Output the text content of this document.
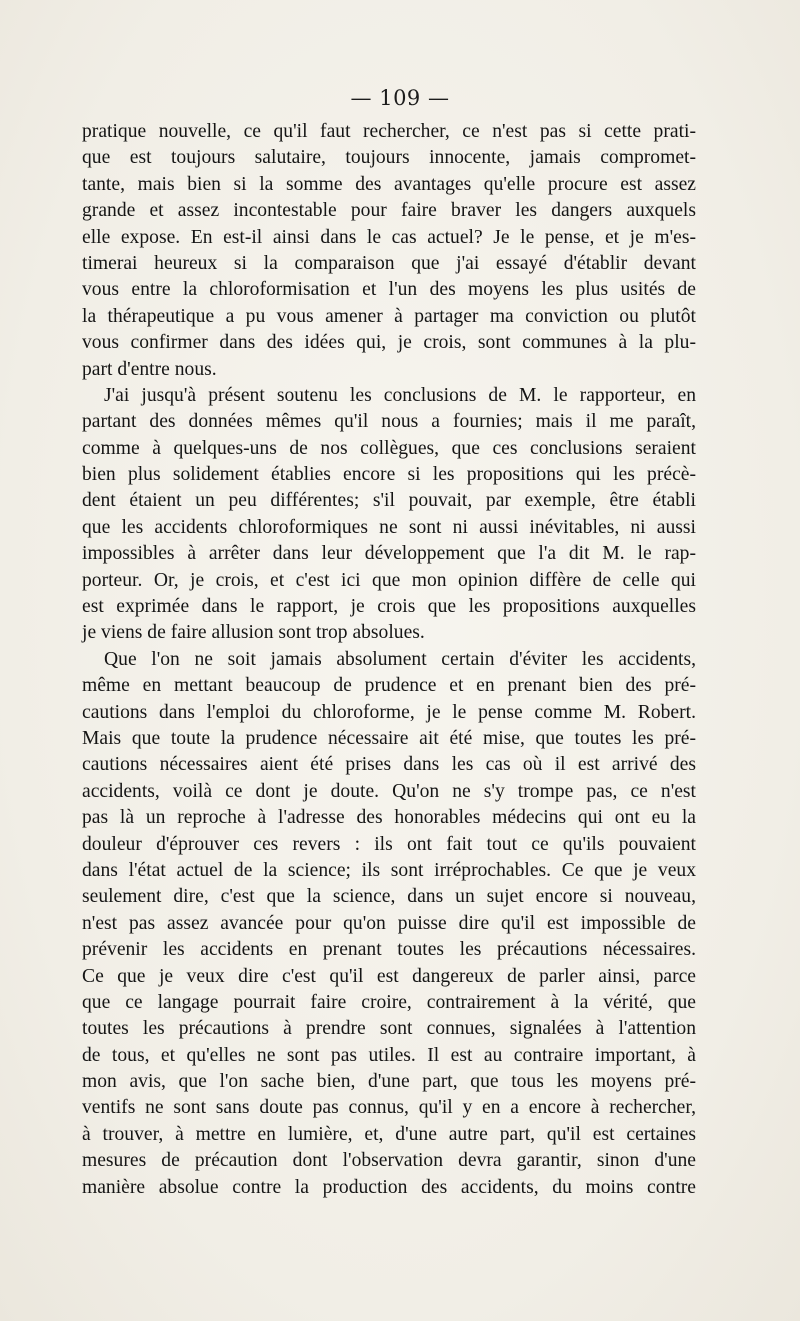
— 109 —
pratique nouvelle, ce qu'il faut rechercher, ce n'est pas si cette prati-
que est toujours salutaire, toujours innocente, jamais compromet-
tante, mais bien si la somme des avantages qu'elle procure est assez
grande et assez incontestable pour faire braver les dangers auxquels
elle expose. En est-il ainsi dans le cas actuel? Je le pense, et je m'es-
timerai heureux si la comparaison que j'ai essayé d'établir devant
vous entre la chloroformisation et l'un des moyens les plus usités de
la thérapeutique a pu vous amener à partager ma conviction ou plutôt
vous confirmer dans des idées qui, je crois, sont communes à la plu-
part d'entre nous.
J'ai jusqu'à présent soutenu les conclusions de M. le rapporteur, en
partant des données mêmes qu'il nous a fournies; mais il me paraît,
comme à quelques-uns de nos collègues, que ces conclusions seraient
bien plus solidement établies encore si les propositions qui les précè-
dent étaient un peu différentes; s'il pouvait, par exemple, être établi
que les accidents chloroformiques ne sont ni aussi inévitables, ni aussi
impossibles à arrêter dans leur développement que l'a dit M. le rap-
porteur. Or, je crois, et c'est ici que mon opinion diffère de celle qui
est exprimée dans le rapport, je crois que les propositions auxquelles
je viens de faire allusion sont trop absolues.
Que l'on ne soit jamais absolument certain d'éviter les accidents,
même en mettant beaucoup de prudence et en prenant bien des pré-
cautions dans l'emploi du chloroforme, je le pense comme M. Robert.
Mais que toute la prudence nécessaire ait été mise, que toutes les pré-
cautions nécessaires aient été prises dans les cas où il est arrivé des
accidents, voilà ce dont je doute. Qu'on ne s'y trompe pas, ce n'est
pas là un reproche à l'adresse des honorables médecins qui ont eu la
douleur d'éprouver ces revers : ils ont fait tout ce qu'ils pouvaient
dans l'état actuel de la science; ils sont irréprochables. Ce que je veux
seulement dire, c'est que la science, dans un sujet encore si nouveau,
n'est pas assez avancée pour qu'on puisse dire qu'il est impossible de
prévenir les accidents en prenant toutes les précautions nécessaires.
Ce que je veux dire c'est qu'il est dangereux de parler ainsi, parce
que ce langage pourrait faire croire, contrairement à la vérité, que
toutes les précautions à prendre sont connues, signalées à l'attention
de tous, et qu'elles ne sont pas utiles. Il est au contraire important, à
mon avis, que l'on sache bien, d'une part, que tous les moyens pré-
ventifs ne sont sans doute pas connus, qu'il y en a encore à rechercher,
à trouver, à mettre en lumière, et, d'une autre part, qu'il est certaines
mesures de précaution dont l'observation devra garantir, sinon d'une
manière absolue contre la production des accidents, du moins contre
